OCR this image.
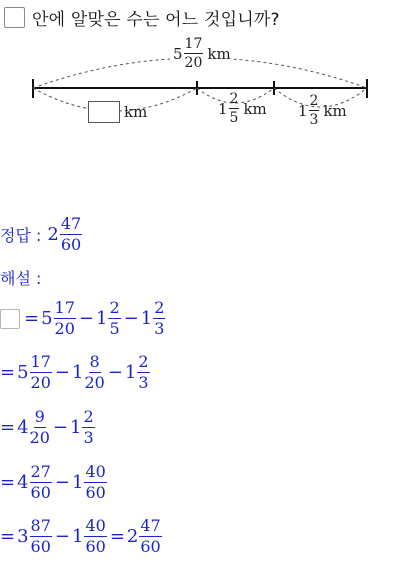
안에 알맞은 수는 어느 것입니까?
$5 \frac{17}{20}$ km
km	$1 \frac{2}{5}$ km $1 \frac{2}{3}$ km
정답 : $2 \frac{47}{60}$
해설 :
= $5 \frac{17}{20} - 1 \frac{2}{5} - 1 \frac{2}{3}$
= $5 \frac{17}{20} - 1 \frac{8}{20} - 1 \frac{2}{3}$
= $4 \frac{9}{20} - 1 \frac{2}{3}$
= $4 \frac{27}{60} - 1 \frac{40}{60}$
= $3 \frac{87}{60} - 1 \frac{40}{60} = 2 \frac{47}{60}$
